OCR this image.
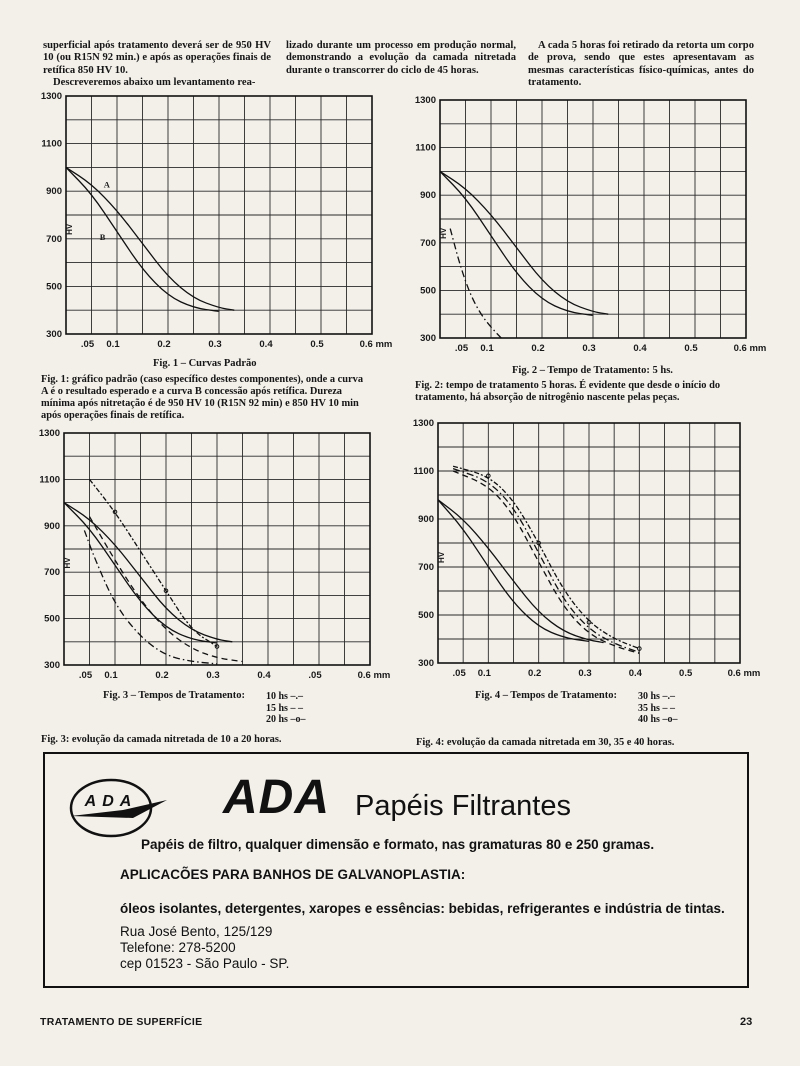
superficial após tratamento deverá ser de 950 HV 10 (ou R15N 92 min.) e após as operações finais de retífica 850 HV 10.

Descreveremos abaixo um levantamento rea-

lizado durante um processo em produção normal, demonstrando a evolução da camada nitretada durante o transcorrer do ciclo de 45 horas.

A cada 5 horas foi retirado da retorta um corpo de prova, sendo que estes apresentavam as mesmas características físico-químicas, antes do tratamento.

300
500
700
900
1100
1300
HV
.05 0.1	0.2	0.3	0.4	0.5	0.6 mm
A
B
300
500
700
900
1100
1300
HV
.05 0.1	0.2	0.3	0.4	0.5	0.6 mm
300
500
700
900
1100
1300
HV
.05 0.1	0.2	0.3	0.4	.05	0.6 mm
300
500
700
900
1100
1300
HV
.05 0.1	0.2	0.3	0.4	0.5	0.6 mm
Fig. 1 – Curvas Padrão
Fig. 1: gráfico padrão (caso específico destes componentes), onde a curva A é o resultado esperado e a curva B concessão após retífica. Dureza mínima após nitretação é de 950 HV 10 (R15N 92 min) e 850 HV 10 min após operações finais de retífica.
Fig. 2 – Tempo de Tratamento: 5 hs.
Fig. 2: tempo de tratamento 5 horas. É evidente que desde o início do tratamento, há absorção de nitrogênio nascente pelas peças.
Fig. 3 – Tempos de Tratamento: 10 hs –.–
15 hs – –
20 hs –o–
Fig. 3: evolução da camada nitretada de 10 a 20 horas.
Fig. 4 – Tempos de Tratamento: 30 hs –.–
35 hs – –
40 hs –o–
Fig. 4: evolução da camada nitretada em 30, 35 e 40 horas.
ADA ADA Papéis Filtrantes
Papéis de filtro, qualquer dimensão e formato, nas gramaturas 80 e 250 gramas.
APLICACÕES PARA BANHOS DE GALVANOPLASTIA:
óleos isolantes, detergentes, xaropes e essências: bebidas, refrigerantes e indústria de tintas.
Rua José Bento, 125/129
Telefone: 278-5200
cep 01523 - São Paulo - SP.
TRATAMENTO DE SUPERFÍCIE	23
